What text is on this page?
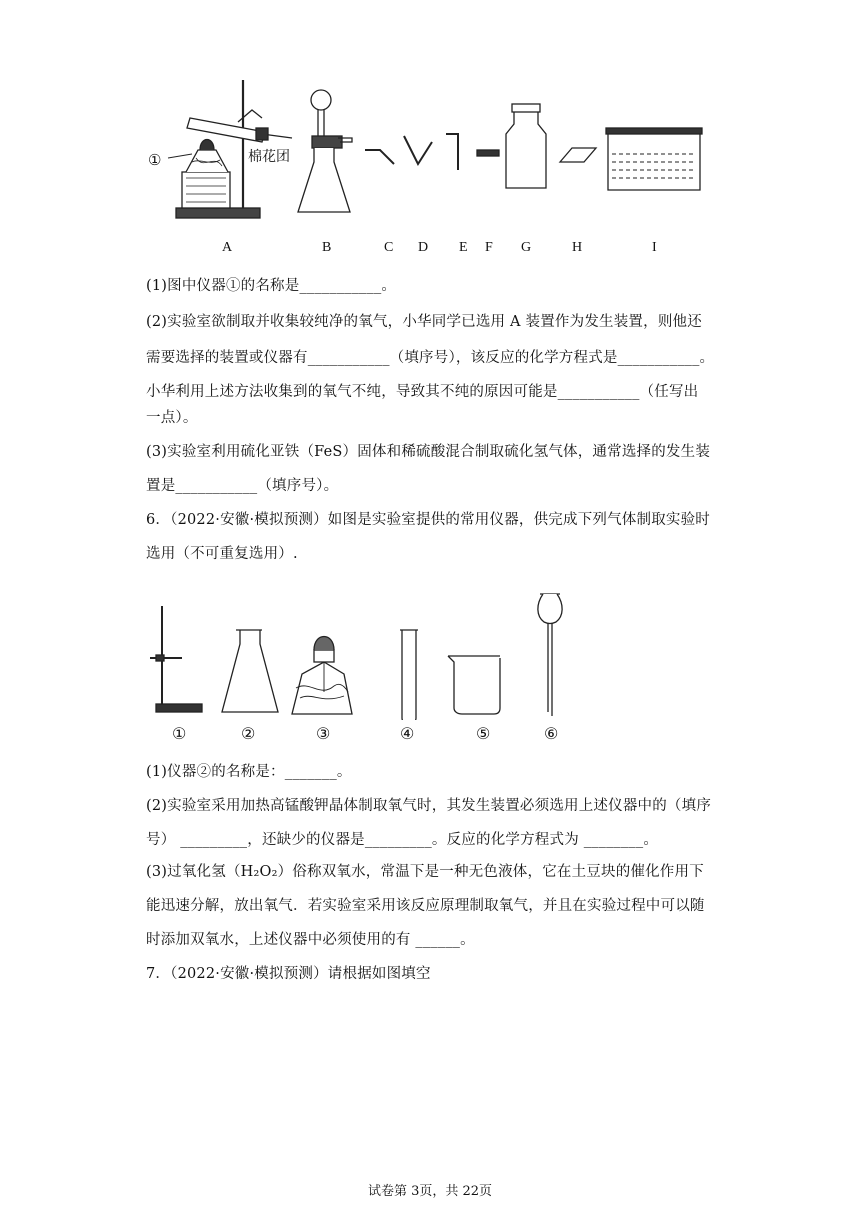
①	棉花团
A	B	C D E F G	H	I
(1)图中仪器①的名称是___________。
(2)实验室欲制取并收集较纯净的氧气，小华同学已选用 A 装置作为发生装置，则他还
需要选择的装置或仪器有___________（填序号），该反应的化学方程式是___________。
小华利用上述方法收集到的氧气不纯，导致其不纯的原因可能是___________（任写出
一点）。
(3)实验室利用硫化亚铁（FeS）固体和稀硫酸混合制取硫化氢气体，通常选择的发生装
置是___________（填序号）。
6．（2022·安徽·模拟预测）如图是实验室提供的常用仪器，供完成下列气体制取实验时
选用（不可重复选用）.
①	②	③	④	⑤	⑥
(1)仪器②的名称是：_______。
(2)实验室采用加热高锰酸钾晶体制取氧气时，其发生装置必须选用上述仪器中的（填序
号） _________，还缺少的仪器是_________。反应的化学方程式为 ________。
(3)过氧化氢（H₂O₂）俗称双氧水，常温下是一种无色液体，它在土豆块的催化作用下
能迅速分解，放出氧气．若实验室采用该反应原理制取氧气，并且在实验过程中可以随
时添加双氧水，上述仪器中必须使用的有 ______。
7．（2022·安徽·模拟预测）请根据如图填空
试卷第 3页，共 22页
